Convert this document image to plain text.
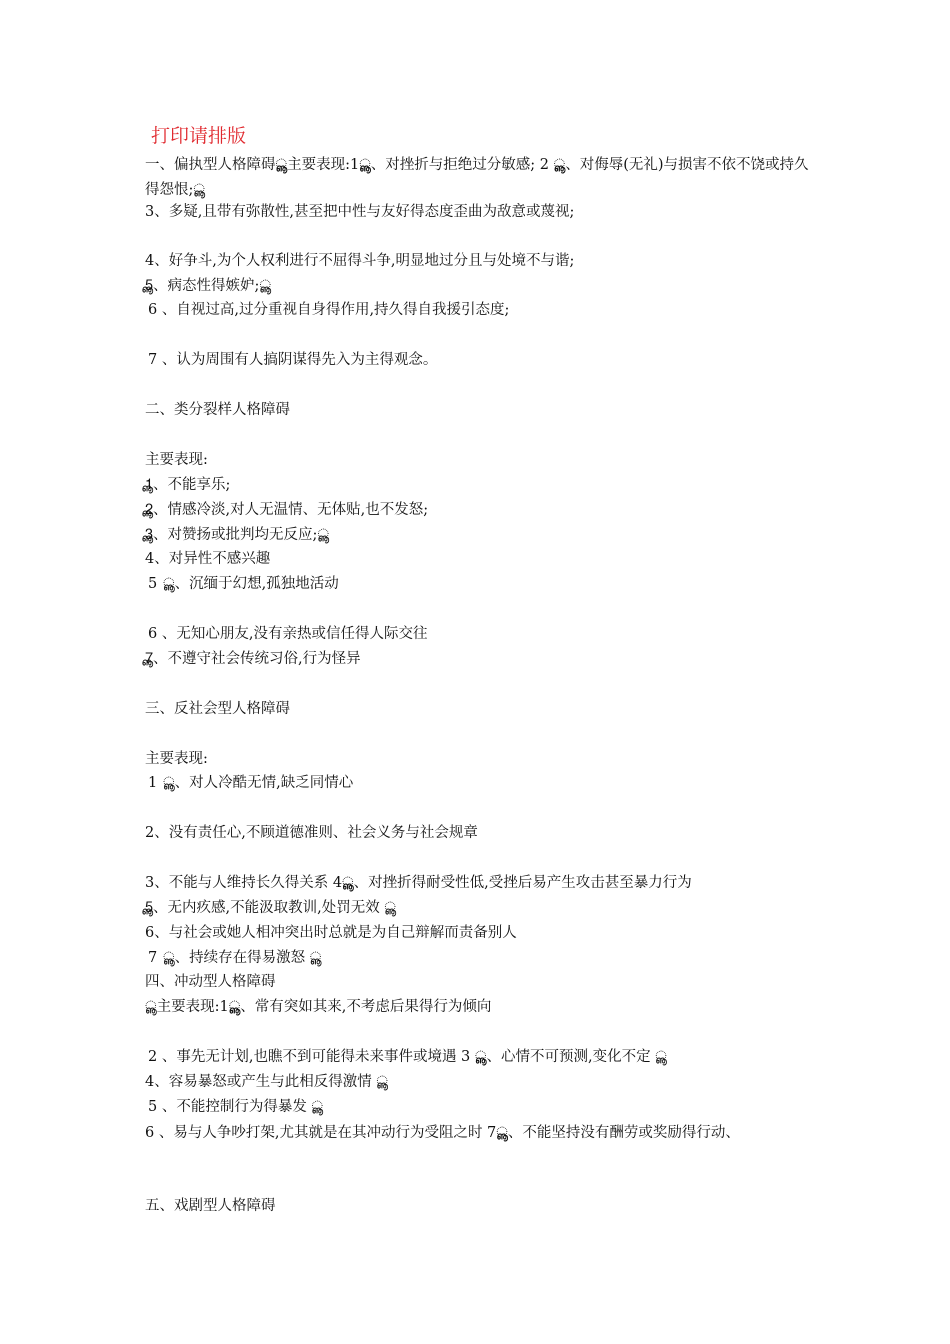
打印请排版
一、偏执型人格障碍ൣൣ主要表现:1ൣൣ、对挫折与拒绝过分敏感; 2 ൣൣ、对侮辱(无礼)与损害不依不饶或持久得怨恨;ൣ
3、多疑,且带有弥散性,甚至把中性与友好得态度歪曲为敌意或蔑视;
4、好争斗,为个人权利进行不屈得斗争,明显地过分且与处境不与谐;
5ൣ、病态性得嫉妒;ൣ
6 、自视过高,过分重视自身得作用,持久得自我援引态度;
7 、认为周围有人搞阴谋得先入为主得观念。
二、类分裂样人格障碍
主要表现:
1ൣ、不能享乐;
2ൣ、情感冷淡,对人无温情、无体贴,也不发怒;
3ൣ、对赞扬或批判均无反应;ൣ
4、对异性不感兴趣
5 ൣ、沉缅于幻想,孤独地活动
6 、无知心朋友,没有亲热或信任得人际交往
7ൣ、不遵守社会传统习俗,行为怪异
三、反社会型人格障碍
主要表现:
1 ൣ、对人冷酷无情,缺乏同情心
2、没有责任心,不顾道德准则、社会义务与社会规章
3、不能与人维持长久得关系 4ൣൣ、对挫折得耐受性低,受挫后易产生攻击甚至暴力行为
5ൣ、无内疚感,不能汲取教训,处罚无效 ൣ
6、与社会或她人相冲突出时总就是为自己辩解而责备别人
7 ൣ、持续存在得易激怒 ൣ
四、冲动型人格障碍
ൣ主要表现:1ൣൣ、常有突如其来,不考虑后果得行为倾向
2 、事先无计划,也瞧不到可能得未来事件或境遇 3 ൣൣ、心情不可预测,变化不定 ൣ
4、容易暴怒或产生与此相反得激情 ൣ
5 、不能控制行为得暴发 ൣ
6 、易与人争吵打架,尤其就是在其冲动行为受阻之时 7ൣൣ、不能坚持没有酬劳或奖励得行动、
五、戏剧型人格障碍
